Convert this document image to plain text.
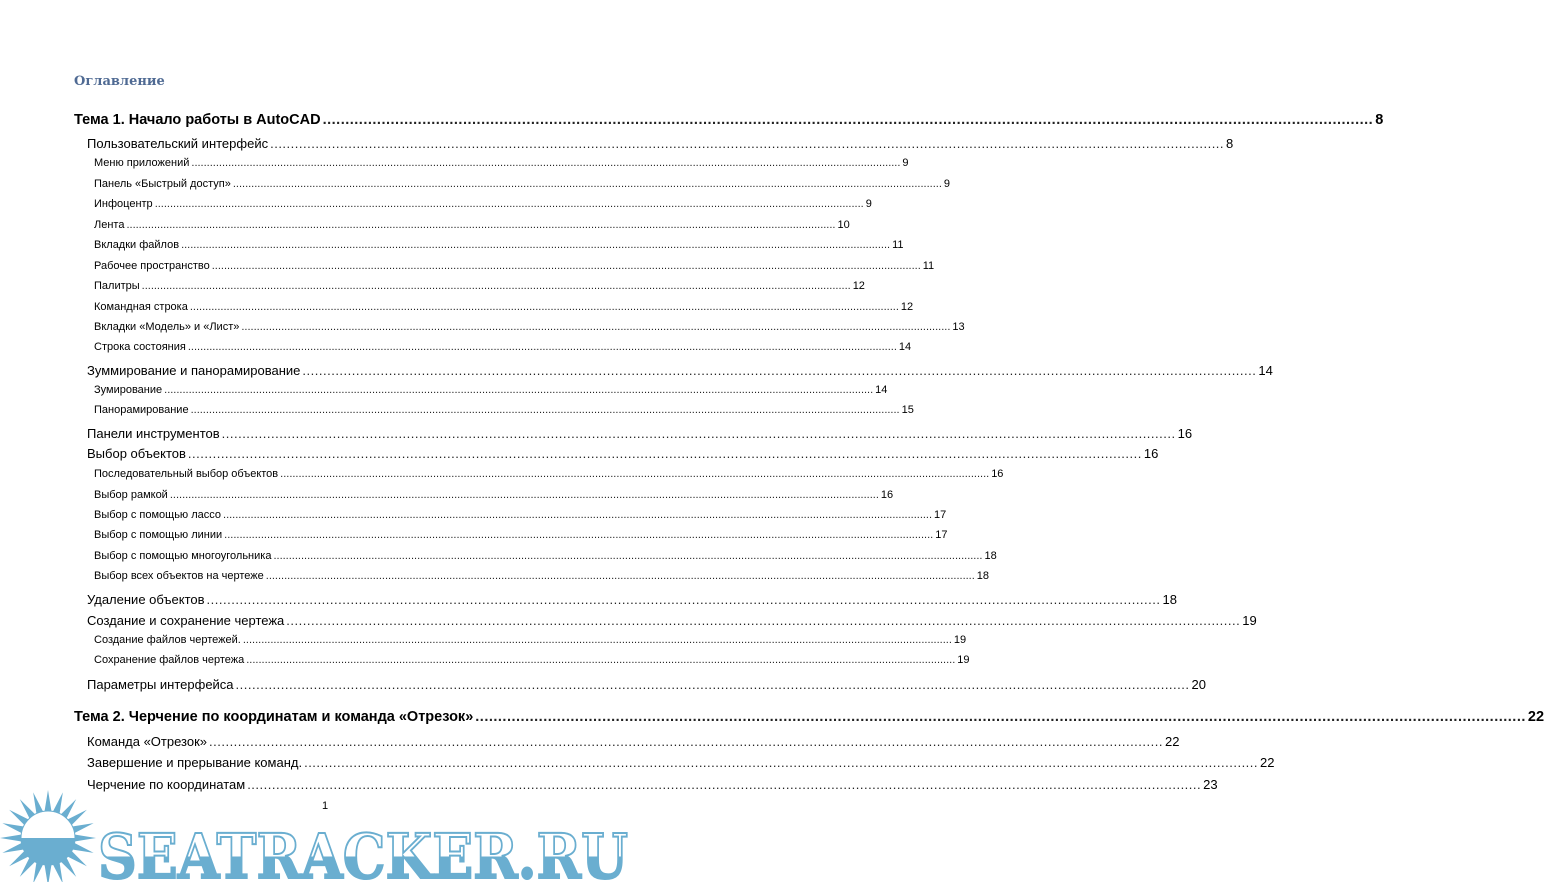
Оглавление
Тема 1. Начало работы в AutoCAD .....	8
Пользовательский интерфейс .....	8
Меню приложений .....	9
Панель «Быстрый доступ» .....	9
Инфоцентр .....	9
Лента .....	10
Вкладки файлов .....	11
Рабочее пространство .....	11
Палитры .....	12
Командная строка .....	12
Вкладки «Модель» и «Лист» .....	13
Строка состояния .....	14
Зуммирование и панорамирование .....	14
Зумирование .....	14
Панорамирование .....	15
Панели инструментов .....	16
Выбор объектов .....	16
Последовательный выбор объектов .....	16
Выбор рамкой .....	16
Выбор с помощью лассо .....	17
Выбор с помощью линии .....	17
Выбор с помощью многоугольника .....	18
Выбор всех объектов на чертеже .....	18
Удаление объектов .....	18
Создание и сохранение чертежа .....	19
Создание файлов чертежей. .....	19
Сохранение файлов чертежа .....	19
Параметры интерфейса .....	20
Тема 2. Черчение по координатам и команда «Отрезок» .....	22
Команда «Отрезок» .....	22
Завершение и прерывание команд. .....	22
Черчение по координатам .....	23
SEATRACKER.RU
1
